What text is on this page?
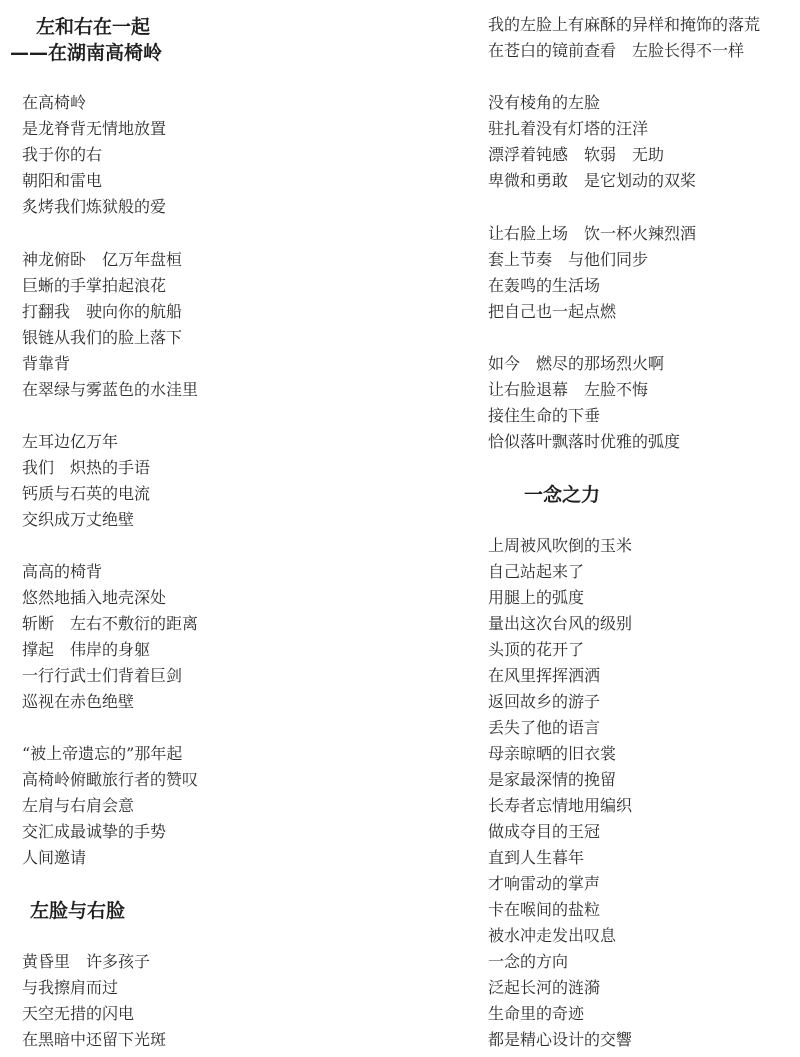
左和右在一起
——在湖南高椅岭
在高椅岭
是龙脊背无情地放置
我于你的右
朝阳和雷电
炙烤我们炼狱般的爱
神龙俯卧　亿万年盘桓
巨蜥的手掌拍起浪花
打翻我　驶向你的航船
银链从我们的脸上落下
背靠背
在翠绿与雾蓝色的水洼里
左耳边亿万年
我们　炽热的手语
钙质与石英的电流
交织成万丈绝壁
高高的椅背
悠然地插入地壳深处
斩断　左右不敷衍的距离
撑起　伟岸的身躯
一行行武士们背着巨剑
巡视在赤色绝壁
“被上帝遗忘的”那年起
高椅岭俯瞰旅行者的赞叹
左肩与右肩会意
交汇成最诚挚的手势
人间邀请
左脸与右脸
黄昏里　许多孩子
与我擦肩而过
天空无措的闪电
在黑暗中还留下光斑
我的左脸上有麻酥的异样和掩饰的落荒
在苍白的镜前查看　左脸长得不一样
没有棱角的左脸
驻扎着没有灯塔的汪洋
漂浮着钝感　软弱　无助
卑微和勇敢　是它划动的双桨
让右脸上场　饮一杯火辣烈酒
套上节奏　与他们同步
在轰鸣的生活场
把自己也一起点燃
如今　燃尽的那场烈火啊
让右脸退幕　左脸不悔
接住生命的下垂
恰似落叶飘落时优雅的弧度
一念之力
上周被风吹倒的玉米
自己站起来了
用腿上的弧度
量出这次台风的级别
头顶的花开了
在风里挥挥洒洒
返回故乡的游子
丢失了他的语言
母亲晾晒的旧衣裳
是家最深情的挽留
长寿者忘情地用编织
做成夺目的王冠
直到人生暮年
才响雷动的掌声
卡在喉间的盐粒
被水冲走发出叹息
一念的方向
泛起长河的涟漪
生命里的奇迹
都是精心设计的交響
